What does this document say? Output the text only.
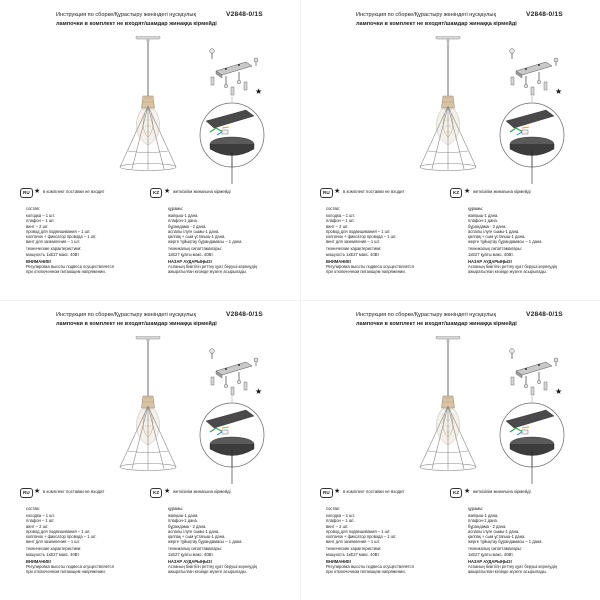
Инструкция по сборке/Құрастыру жөніндегі нұсқаулық	V2848-0/1S
лампочки в комплект не входят/шамдар жинаққа кірмейді
★
RU ★ в комплект поставки не входит	KZ ★ жеткізілім жинағына кірмейді
состав:
колодка – 1 шт.
плафон – 1 шт.
винт – 2 шт.
провод для подвешивания – 1 шт.
колпачок + фиксатор провода – 1 шт.
винт для заземления – 1 шт.
технические характеристики:
мощность 1xE27 макс. 40Вт
ВНИМАНИЕ!
Регулировка высоты подвеса осуществляется
при отключенном питающем напряжении.
құрамы:
жапқыш-1 дана.
плафон-1 дана.
бұрандама - 2 дана.
аспалы ілуге сымы-1 дана.
қалпақ + сым ұстағыш-1 дана.
жерге тұйықтау бұрандамасы – 1 дана.
техникалық сипаттамалары:
1xE27 қуаты макс. 40Вт.
НАЗАР АУДАРЫҢЫЗ!
Аспаның биіктігін реттеу қуат беруші кернеудің
ажыратылған кезінде жүзеге асырылады.
Инструкция по сборке/Құрастыру жөніндегі нұсқаулық	V2848-0/1S
лампочки в комплект не входят/шамдар жинаққа кірмейді
★
RU ★ в комплект поставки не входит	KZ ★ жеткізілім жинағына кірмейді
состав:
колодка – 1 шт.
плафон – 1 шт.
винт – 2 шт.
провод для подвешивания – 1 шт.
колпачок + фиксатор провода – 1 шт.
винт для заземления – 1 шт.
технические характеристики:
мощность 1xE27 макс. 40Вт
ВНИМАНИЕ!
Регулировка высоты подвеса осуществляется
при отключенном питающем напряжении.
құрамы:
жапқыш-1 дана.
плафон-1 дана.
бұрандама - 2 дана.
аспалы ілуге сымы-1 дана.
қалпақ + сым ұстағыш-1 дана.
жерге тұйықтау бұрандамасы – 1 дана.
техникалық сипаттамалары:
1xE27 қуаты макс. 40Вт.
НАЗАР АУДАРЫҢЫЗ!
Аспаның биіктігін реттеу қуат беруші кернеудің
ажыратылған кезінде жүзеге асырылады.
Инструкция по сборке/Құрастыру жөніндегі нұсқаулық	V2848-0/1S
лампочки в комплект не входят/шамдар жинаққа кірмейді
★
RU ★ в комплект поставки не входит	KZ ★ жеткізілім жинағына кірмейді
состав:
колодка – 1 шт.
плафон – 1 шт.
винт – 2 шт.
провод для подвешивания – 1 шт.
колпачок + фиксатор провода – 1 шт.
винт для заземления – 1 шт.
технические характеристики:
мощность 1xE27 макс. 40Вт
ВНИМАНИЕ!
Регулировка высоты подвеса осуществляется
при отключенном питающем напряжении.
құрамы:
жапқыш-1 дана.
плафон-1 дана.
бұрандама - 2 дана.
аспалы ілуге сымы-1 дана.
қалпақ + сым ұстағыш-1 дана.
жерге тұйықтау бұрандамасы – 1 дана.
техникалық сипаттамалары:
1xE27 қуаты макс. 40Вт.
НАЗАР АУДАРЫҢЫЗ!
Аспаның биіктігін реттеу қуат беруші кернеудің
ажыратылған кезінде жүзеге асырылады.
Инструкция по сборке/Құрастыру жөніндегі нұсқаулық	V2848-0/1S
лампочки в комплект не входят/шамдар жинаққа кірмейді
★
RU ★ в комплект поставки не входит	KZ ★ жеткізілім жинағына кірмейді
состав:
колодка – 1 шт.
плафон – 1 шт.
винт – 2 шт.
провод для подвешивания – 1 шт.
колпачок + фиксатор провода – 1 шт.
винт для заземления – 1 шт.
технические характеристики:
мощность 1xE27 макс. 40Вт
ВНИМАНИЕ!
Регулировка высоты подвеса осуществляется
при отключенном питающем напряжении.
құрамы:
жапқыш-1 дана.
плафон-1 дана.
бұрандама - 2 дана.
аспалы ілуге сымы-1 дана.
қалпақ + сым ұстағыш-1 дана.
жерге тұйықтау бұрандамасы – 1 дана.
техникалық сипаттамалары:
1xE27 қуаты макс. 40Вт.
НАЗАР АУДАРЫҢЫЗ!
Аспаның биіктігін реттеу қуат беруші кернеудің
ажыратылған кезінде жүзеге асырылады.
